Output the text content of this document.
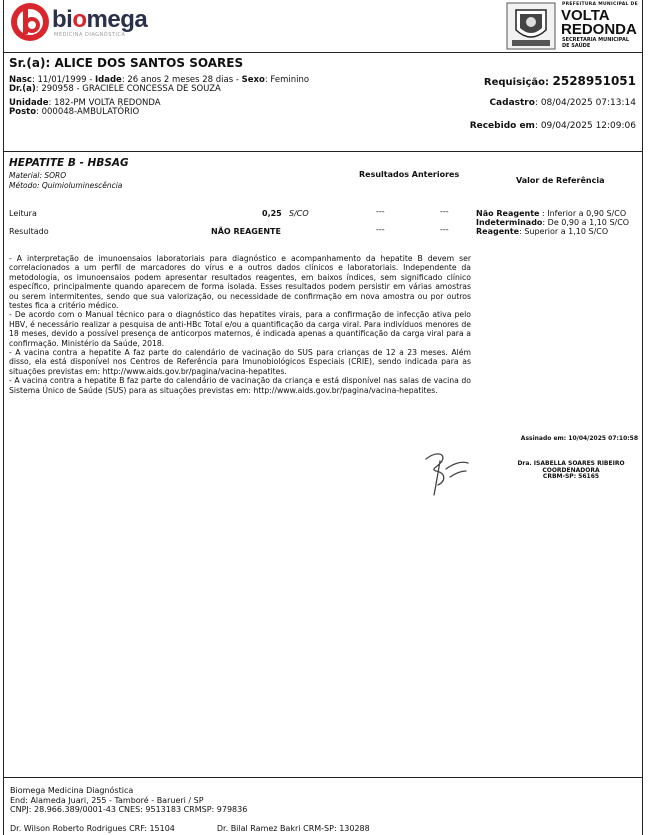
biomega
MEDICINA DIAGNÓSTICA
PREFEITURA MUNICIPAL DE
VOLTA
REDONDA
SECRETARIA MUNICIPAL
DE SAÚDE
Sr.(a): ALICE DOS SANTOS SOARES
Nasc: 11/01/1999 - Idade: 26 anos 2 meses 28 dias - Sexo: Feminino
Dr.(a): 290958 - GRACIELE CONCESSA DE SOUZA
Unidade: 182-PM VOLTA REDONDA
Posto: 000048-AMBULATÓRIO
Requisição: 2528951051
Cadastro: 08/04/2025 07:13:14
Recebido em: 09/04/2025 12:09:06
HEPATITE B - HBSAG
Material: SORO
Método: Quimioluminescência
Resultados Anteriores
Valor de Referência
Leitura	0,25 S/CO	---	---
Resultado	NÃO REAGENTE	---	---
Não Reagente : Inferior a 0,90 S/CO
Indeterminado: De 0,90 a 1,10 S/CO
Reagente: Superior a 1,10 S/CO

- A interpretação de imunoensaios laboratoriais para diagnóstico e acompanhamento da hepatite B devem ser correlacionados a um perfil de marcadores do vírus e a outros dados clínicos e laboratoriais. Independente da metodologia, os imunoensaios podem apresentar resultados reagentes, em baixos índices, sem significado clínico específico, principalmente quando aparecem de forma isolada. Esses resultados podem persistir em várias amostras ou serem intermitentes, sendo que sua valorização, ou necessidade de confirmação em nova amostra ou por outros testes fica a critério médico.

- De acordo com o Manual técnico para o diagnóstico das hepatites virais, para a confirmação de infecção ativa pelo HBV, é necessário realizar a pesquisa de anti-HBc Total e/ou a quantificação da carga viral. Para indivíduos menores de 18 meses, devido a possível presença de anticorpos maternos, é indicada apenas a quantificação da carga viral para a confirmação. Ministério da Saúde, 2018.

- A vacina contra a hepatite A faz parte do calendário de vacinação do SUS para crianças de 12 a 23 meses. Além disso, ela está disponível nos Centros de Referência para Imunobiológicos Especiais (CRIE), sendo indicada para as situações previstas em: http://www.aids.gov.br/pagina/vacina-hepatites.

- A vacina contra a hepatite B faz parte do calendário de vacinação da criança e está disponível nas salas de vacina do Sistema Único de Saúde (SUS) para as situações previstas em: http://www.aids.gov.br/pagina/vacina-hepatites.

Assinado em: 10/04/2025 07:10:58
Dra. ISABELLA SOARES RIBEIRO
COORDENADORA
CRBM-SP: 56165
Biomega Medicina Diagnóstica
End: Alameda Juari, 255 - Tamboré - Barueri / SP
CNPJ: 28.966.389/0001-43 CNES: 9513183 CRMSP: 979836
Dr. Wilson Roberto Rodrigues CRF: 15104	Dr. Bilal Ramez Bakri CRM-SP: 130288
